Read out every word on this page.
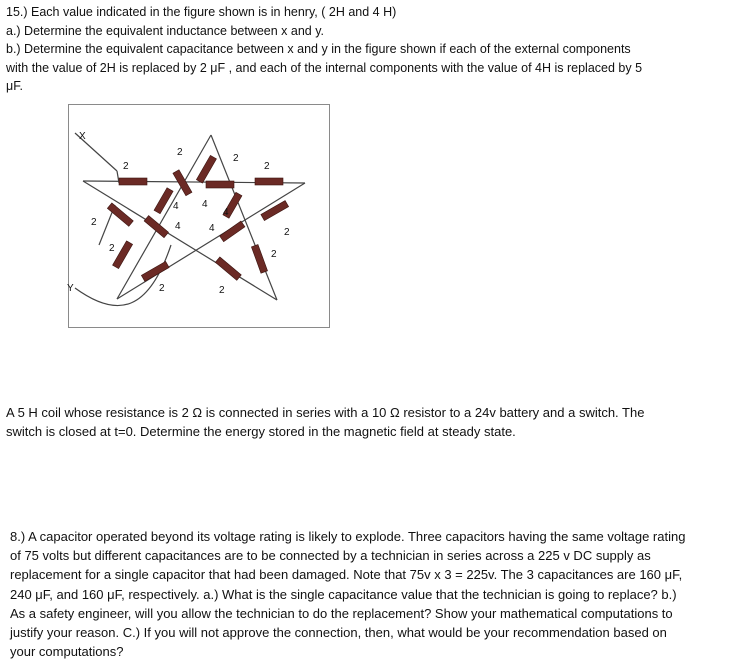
15.) Each value indicated in the figure shown is in henry, ( 2H and 4 H)
a.) Determine the equivalent inductance between x and y.
b.) Determine the equivalent capacitance between x and y in the figure shown if each of the external components
with the value of 2H is replaced by 2 μF , and each of the internal components with the value of 4H is replaced by 5
μF.
X
Y
2
2
2
2
2
2
2
2
2	2
4 4
4
4	4
A 5 H coil whose resistance is 2 Ω is connected in series with a 10 Ω resistor to a 24v battery and a switch. The
switch is closed at t=0. Determine the energy stored in the magnetic field at steady state.
8.) A capacitor operated beyond its voltage rating is likely to explode. Three capacitors having the same voltage rating
of 75 volts but different capacitances are to be connected by a technician in series across a 225 v DC supply as
replacement for a single capacitor that had been damaged. Note that 75v x 3 = 225v. The 3 capacitances are 160 μF,
240 μF, and 160 μF, respectively. a.) What is the single capacitance value that the technician is going to replace? b.)
As a safety engineer, will you allow the technician to do the replacement? Show your mathematical computations to
justify your reason. C.) If you will not approve the connection, then, what would be your recommendation based on
your computations?
